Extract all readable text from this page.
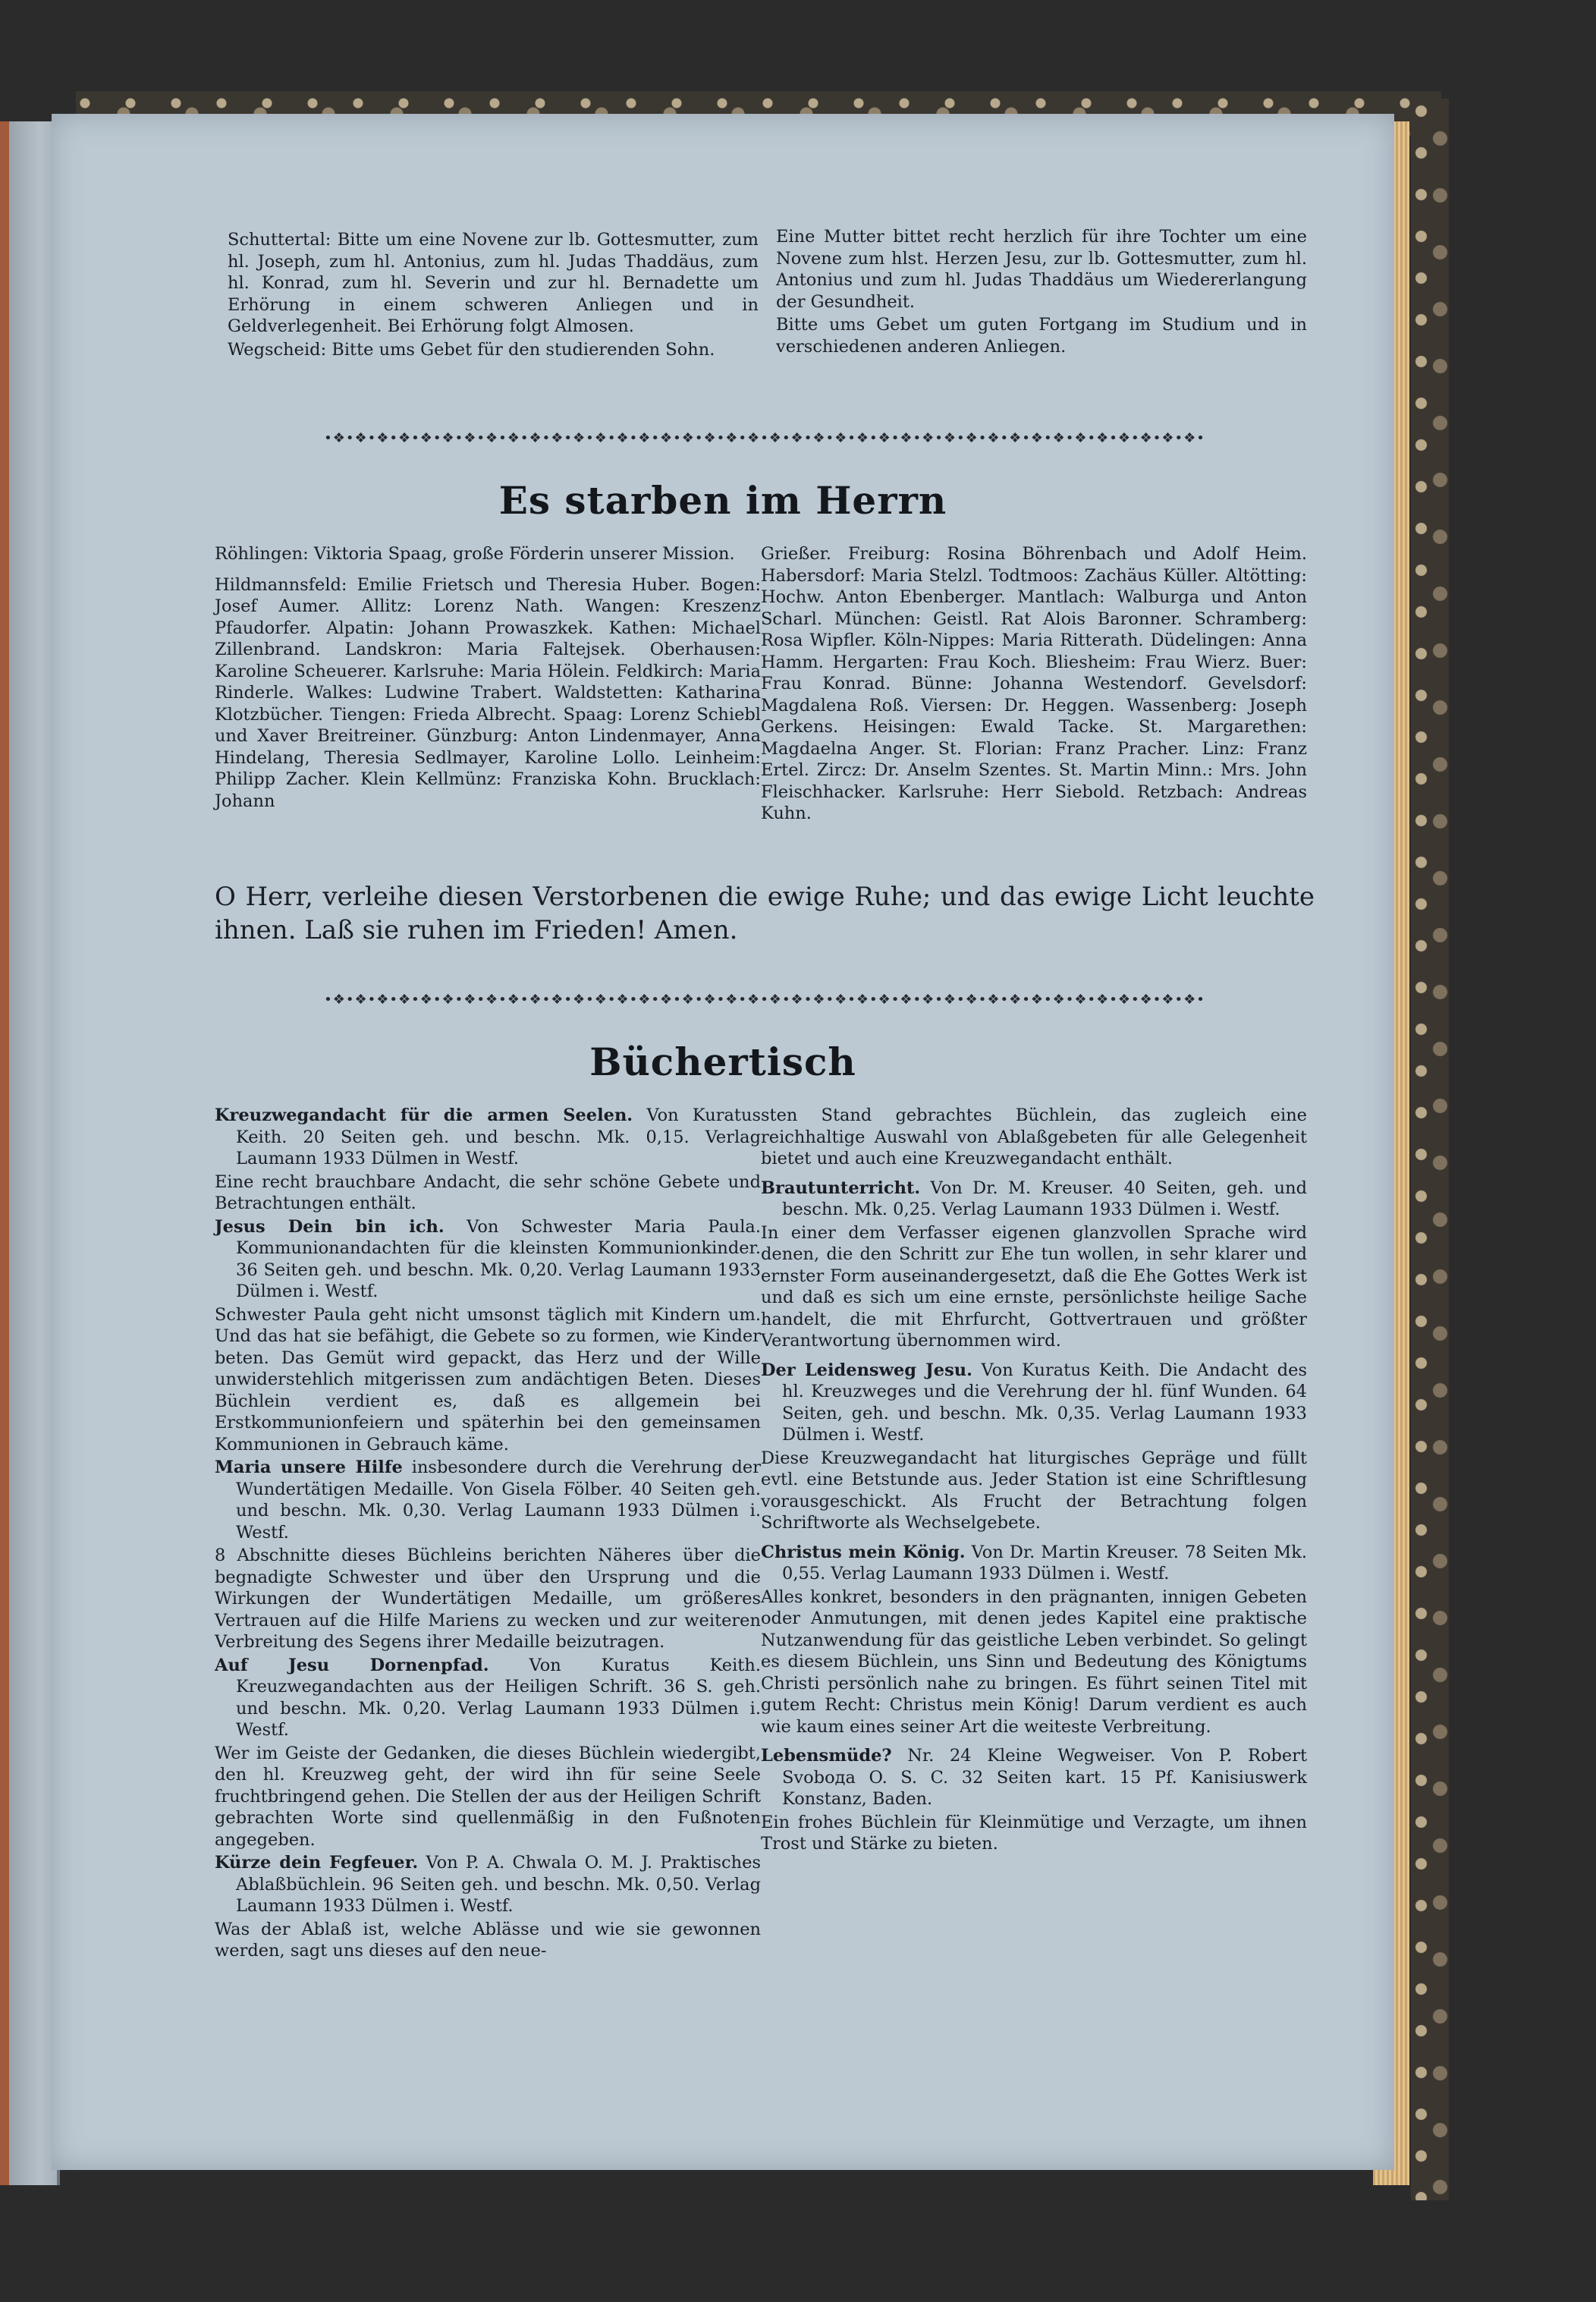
Schuttertal: Bitte um eine Novene zur lb. Gottesmutter, zum hl. Joseph, zum hl. Antonius, zum hl. Judas Thaddäus, zum hl. Konrad, zum hl. Severin und zur hl. Bernadette um Erhörung in einem schweren Anliegen und in Geldverlegenheit. Bei Erhörung folgt Almosen.

Wegscheid: Bitte ums Gebet für den studierenden Sohn.

Eine Mutter bittet recht herzlich für ihre Tochter um eine Novene zum hlst. Herzen Jesu, zur lb. Gottesmutter, zum hl. Antonius und zum hl. Judas Thaddäus um Wiedererlangung der Gesundheit.

Bitte ums Gebet um guten Fortgang im Studium und in verschiedenen anderen Anliegen.

•❖•❖•❖•❖•❖•❖•❖•❖•❖•❖•❖•❖•❖•❖•❖•❖•❖•❖•❖•❖•❖•❖•❖•❖•❖•❖•❖•❖•❖•❖•❖•❖•❖•❖•❖•❖•❖•❖•❖•❖•
Es starben im Herrn

Röhlingen: Viktoria Spaag, große Förderin unserer Mission.

Hildmannsfeld: Emilie Frietsch und Theresia Huber. Bogen: Josef Aumer. Allitz: Lorenz Nath. Wangen: Kreszenz Pfaudorfer. Alpatin: Johann Prowaszkek. Kathen: Michael Zillenbrand. Landskron: Maria Faltejsek. Oberhausen: Karoline Scheuerer. Karlsruhe: Maria Hölein. Feldkirch: Maria Rinderle. Walkes: Ludwine Trabert. Waldstetten: Katharina Klotzbücher. Tiengen: Frieda Albrecht. Spaag: Lorenz Schiebl und Xaver Breitreiner. Günzburg: Anton Lindenmayer, Anna Hindelang, Theresia Sedlmayer, Karoline Lollo. Leinheim: Philipp Zacher. Klein Kellmünz: Franziska Kohn. Brucklach: Johann

Grießer. Freiburg: Rosina Böhrenbach und Adolf Heim. Habersdorf: Maria Stelzl. Todtmoos: Zachäus Küller. Altötting: Hochw. Anton Ebenberger. Mantlach: Walburga und Anton Scharl. München: Geistl. Rat Alois Baronner. Schramberg: Rosa Wipfler. Köln-Nippes: Maria Ritterath. Düdelingen: Anna Hamm. Hergarten: Frau Koch. Bliesheim: Frau Wierz. Buer: Frau Konrad. Bünne: Johanna Westendorf. Gevelsdorf: Magdalena Roß. Viersen: Dr. Heggen. Wassenberg: Joseph Gerkens. Heisingen: Ewald Tacke. St. Margarethen: Magdaelna Anger. St. Florian: Franz Pracher. Linz: Franz Ertel. Zircz: Dr. Anselm Szentes. St. Martin Minn.: Mrs. John Fleischhacker. Karlsruhe: Herr Siebold. Retzbach: Andreas Kuhn.

O Herr, verleihe diesen Verstorbenen die ewige Ruhe; und das ewige Licht leuchte ihnen. Laß sie ruhen im Frieden! Amen.
•❖•❖•❖•❖•❖•❖•❖•❖•❖•❖•❖•❖•❖•❖•❖•❖•❖•❖•❖•❖•❖•❖•❖•❖•❖•❖•❖•❖•❖•❖•❖•❖•❖•❖•❖•❖•❖•❖•❖•❖•
Büchertisch

Kreuzwegandacht für die armen Seelen. Von Kuratus Keith. 20 Seiten geh. und beschn. Mk. 0,15. Verlag Laumann 1933 Dülmen in Westf.

Eine recht brauchbare Andacht, die sehr schöne Gebete und Betrachtungen enthält.

Jesus Dein bin ich. Von Schwester Maria Paula. Kommunionandachten für die kleinsten Kommunionkinder. 36 Seiten geh. und beschn. Mk. 0,20. Verlag Laumann 1933 Dülmen i. Westf.

Schwester Paula geht nicht umsonst täglich mit Kindern um. Und das hat sie befähigt, die Gebete so zu formen, wie Kinder beten. Das Gemüt wird gepackt, das Herz und der Wille unwiderstehlich mitgerissen zum andächtigen Beten. Dieses Büchlein verdient es, daß es allgemein bei Erstkommunionfeiern und späterhin bei den gemeinsamen Kommunionen in Gebrauch käme.

Maria unsere Hilfe insbesondere durch die Verehrung der Wundertätigen Medaille. Von Gisela Fölber. 40 Seiten geh. und beschn. Mk. 0,30. Verlag Laumann 1933 Dülmen i. Westf.

8 Abschnitte dieses Büchleins berichten Näheres über die begnadigte Schwester und über den Ursprung und die Wirkungen der Wundertätigen Medaille, um größeres Vertrauen auf die Hilfe Mariens zu wecken und zur weiteren Verbreitung des Segens ihrer Medaille beizutragen.

Auf Jesu Dornenpfad. Von Kuratus Keith. Kreuzwegandachten aus der Heiligen Schrift. 36 S. geh. und beschn. Mk. 0,20. Verlag Laumann 1933 Dülmen i. Westf.

Wer im Geiste der Gedanken, die dieses Büchlein wiedergibt, den hl. Kreuzweg geht, der wird ihn für seine Seele fruchtbringend gehen. Die Stellen der aus der Heiligen Schrift gebrachten Worte sind quellenmäßig in den Fußnoten angegeben.

Kürze dein Fegfeuer. Von P. A. Chwala O. M. J. Praktisches Ablaßbüchlein. 96 Seiten geh. und beschn. Mk. 0,50. Verlag Laumann 1933 Dülmen i. Westf.

Was der Ablaß ist, welche Ablässe und wie sie gewonnen werden, sagt uns dieses auf den neue-

sten Stand gebrachtes Büchlein, das zugleich eine reichhaltige Auswahl von Ablaßgebeten für alle Gelegenheit bietet und auch eine Kreuzwegandacht enthält.

Brautunterricht. Von Dr. M. Kreuser. 40 Seiten, geh. und beschn. Mk. 0,25. Verlag Laumann 1933 Dülmen i. Westf.

In einer dem Verfasser eigenen glanzvollen Sprache wird denen, die den Schritt zur Ehe tun wollen, in sehr klarer und ernster Form auseinandergesetzt, daß die Ehe Gottes Werk ist und daß es sich um eine ernste, persönlichste heilige Sache handelt, die mit Ehrfurcht, Gottvertrauen und größter Verantwortung übernommen wird.

Der Leidensweg Jesu. Von Kuratus Keith. Die Andacht des hl. Kreuzweges und die Verehrung der hl. fünf Wunden. 64 Seiten, geh. und beschn. Mk. 0,35. Verlag Laumann 1933 Dülmen i. Westf.

Diese Kreuzwegandacht hat liturgisches Gepräge und füllt evtl. eine Betstunde aus. Jeder Station ist eine Schriftlesung vorausgeschickt. Als Frucht der Betrachtung folgen Schriftworte als Wechselgebete.

Christus mein König. Von Dr. Martin Kreuser. 78 Seiten Mk. 0,55. Verlag Laumann 1933 Dülmen i. Westf.

Alles konkret, besonders in den prägnanten, innigen Gebeten oder Anmutungen, mit denen jedes Kapitel eine praktische Nutzanwendung für das geistliche Leben verbindet. So gelingt es diesem Büchlein, uns Sinn und Bedeutung des Königtums Christi persönlich nahe zu bringen. Es führt seinen Titel mit gutem Recht: Christus mein König! Darum verdient es auch wie kaum eines seiner Art die weiteste Verbreitung.

Lebensmüde? Nr. 24 Kleine Wegweiser. Von P. Robert Svobода O. S. C. 32 Seiten kart. 15 Pf. Kanisiuswerk Konstanz, Baden.

Ein frohes Büchlein für Kleinmütige und Verzagte, um ihnen Trost und Stärke zu bieten.
